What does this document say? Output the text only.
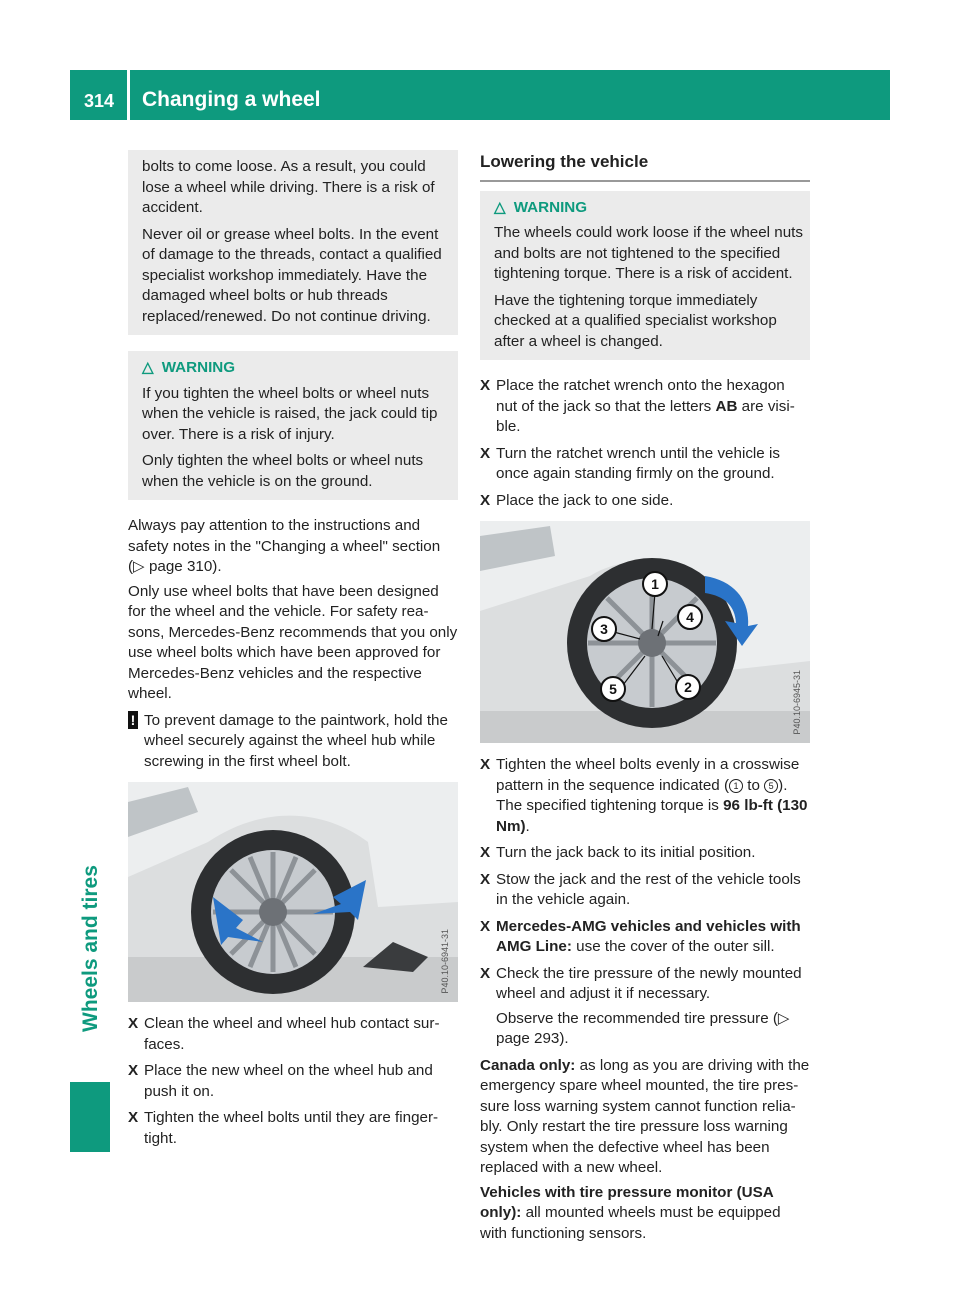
314 Changing a wheel
Wheels and tires

bolts to come loose. As a result, you could lose a wheel while driving. There is a risk of accident.

Never oil or grease wheel bolts. In the event of damage to the threads, contact a qualified specialist workshop immediately. Have the damaged wheel bolts or hub threads replaced/renewed. Do not continue driving.

△ WARNING

If you tighten the wheel bolts or wheel nuts when the vehicle is raised, the jack could tip over. There is a risk of injury.

Only tighten the wheel bolts or wheel nuts when the vehicle is on the ground.

Always pay attention to the instructions and safety notes in the "Changing a wheel" section (▷ page 310).

Only use wheel bolts that have been designed for the wheel and the vehicle. For safety rea- sons, Mercedes-Benz recommends that you only use wheel bolts which have been approved for Mercedes-Benz vehicles and the respective wheel.

! To prevent damage to the paintwork, hold the wheel securely against the wheel hub while screwing in the first wheel bolt.
P40.10-6941-31
X Clean the wheel and wheel hub contact sur- faces.
X Place the new wheel on the wheel hub and push it on.
X Tighten the wheel bolts until they are finger- tight.
Lowering the vehicle
△ WARNING

The wheels could work loose if the wheel nuts and bolts are not tightened to the specified tightening torque. There is a risk of accident.

Have the tightening torque immediately checked at a qualified specialist workshop after a wheel is changed.

X Place the ratchet wrench onto the hexagon nut of the jack so that the letters AB are visi- ble.
X Turn the ratchet wrench until the vehicle is once again standing firmly on the ground.
X Place the jack to one side.
1
2
3
4
5	P40.10-6945-31
X Tighten the wheel bolts evenly in a crosswise pattern in the sequence indicated ( 1 to 5 ). The specified tightening torque is 96 lb-ft (130 Nm).
X Turn the jack back to its initial position.
X Stow the jack and the rest of the vehicle tools in the vehicle again.
X Mercedes-AMG vehicles and vehicles with AMG Line: use the cover of the outer sill.
X Check the tire pressure of the newly mounted wheel and adjust it if necessary.
Observe the recommended tire pressure (▷ page 293).

Canada only: as long as you are driving with the emergency spare wheel mounted, the tire pres- sure loss warning system cannot function relia- bly. Only restart the tire pressure loss warning system when the defective wheel has been replaced with a new wheel.

Vehicles with tire pressure monitor (USA only): all mounted wheels must be equipped with functioning sensors.
